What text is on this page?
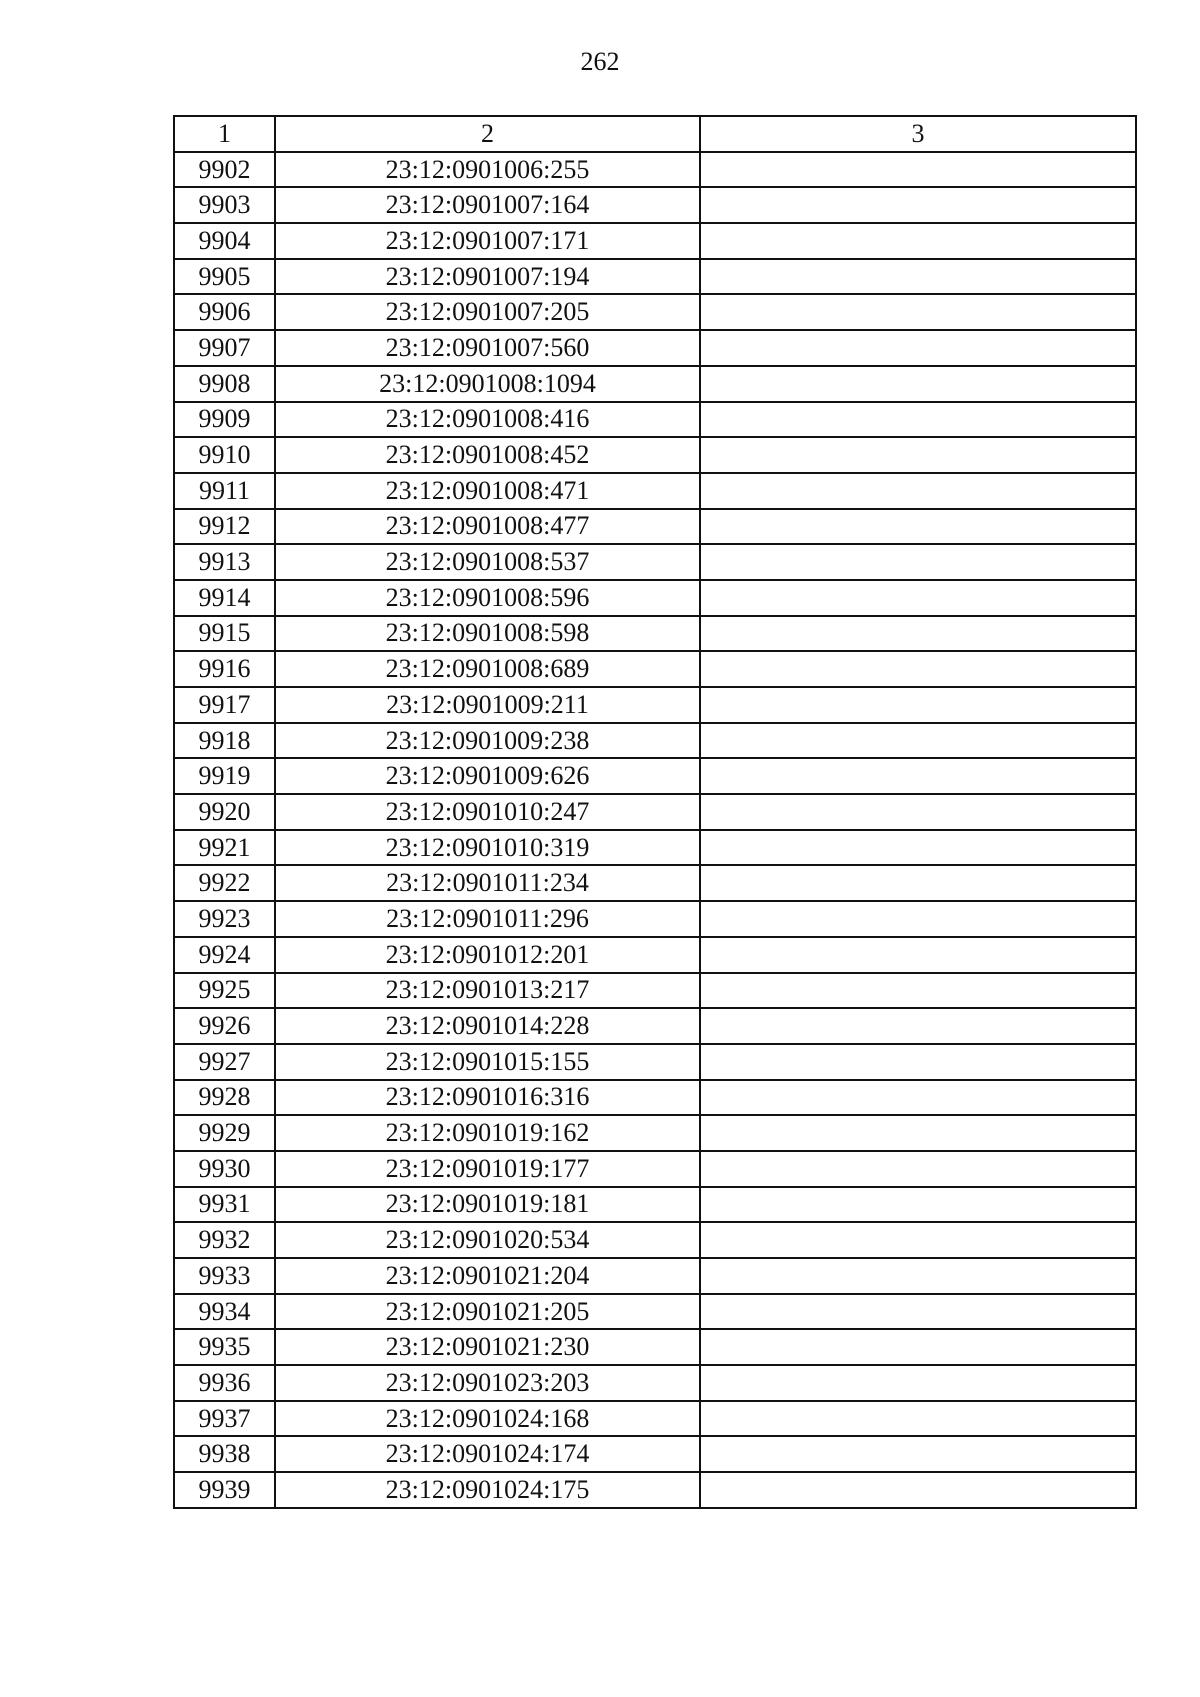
262
1	2	3
9902	23:12:0901006:255	
9903	23:12:0901007:164	
9904	23:12:0901007:171	
9905	23:12:0901007:194	
9906	23:12:0901007:205	
9907	23:12:0901007:560	
9908	23:12:0901008:1094	
9909	23:12:0901008:416	
9910	23:12:0901008:452	
9911	23:12:0901008:471	
9912	23:12:0901008:477	
9913	23:12:0901008:537	
9914	23:12:0901008:596	
9915	23:12:0901008:598	
9916	23:12:0901008:689	
9917	23:12:0901009:211	
9918	23:12:0901009:238	
9919	23:12:0901009:626	
9920	23:12:0901010:247	
9921	23:12:0901010:319	
9922	23:12:0901011:234	
9923	23:12:0901011:296	
9924	23:12:0901012:201	
9925	23:12:0901013:217	
9926	23:12:0901014:228	
9927	23:12:0901015:155	
9928	23:12:0901016:316	
9929	23:12:0901019:162	
9930	23:12:0901019:177	
9931	23:12:0901019:181	
9932	23:12:0901020:534	
9933	23:12:0901021:204	
9934	23:12:0901021:205	
9935	23:12:0901021:230	
9936	23:12:0901023:203	
9937	23:12:0901024:168	
9938	23:12:0901024:174	
9939	23:12:0901024:175	
